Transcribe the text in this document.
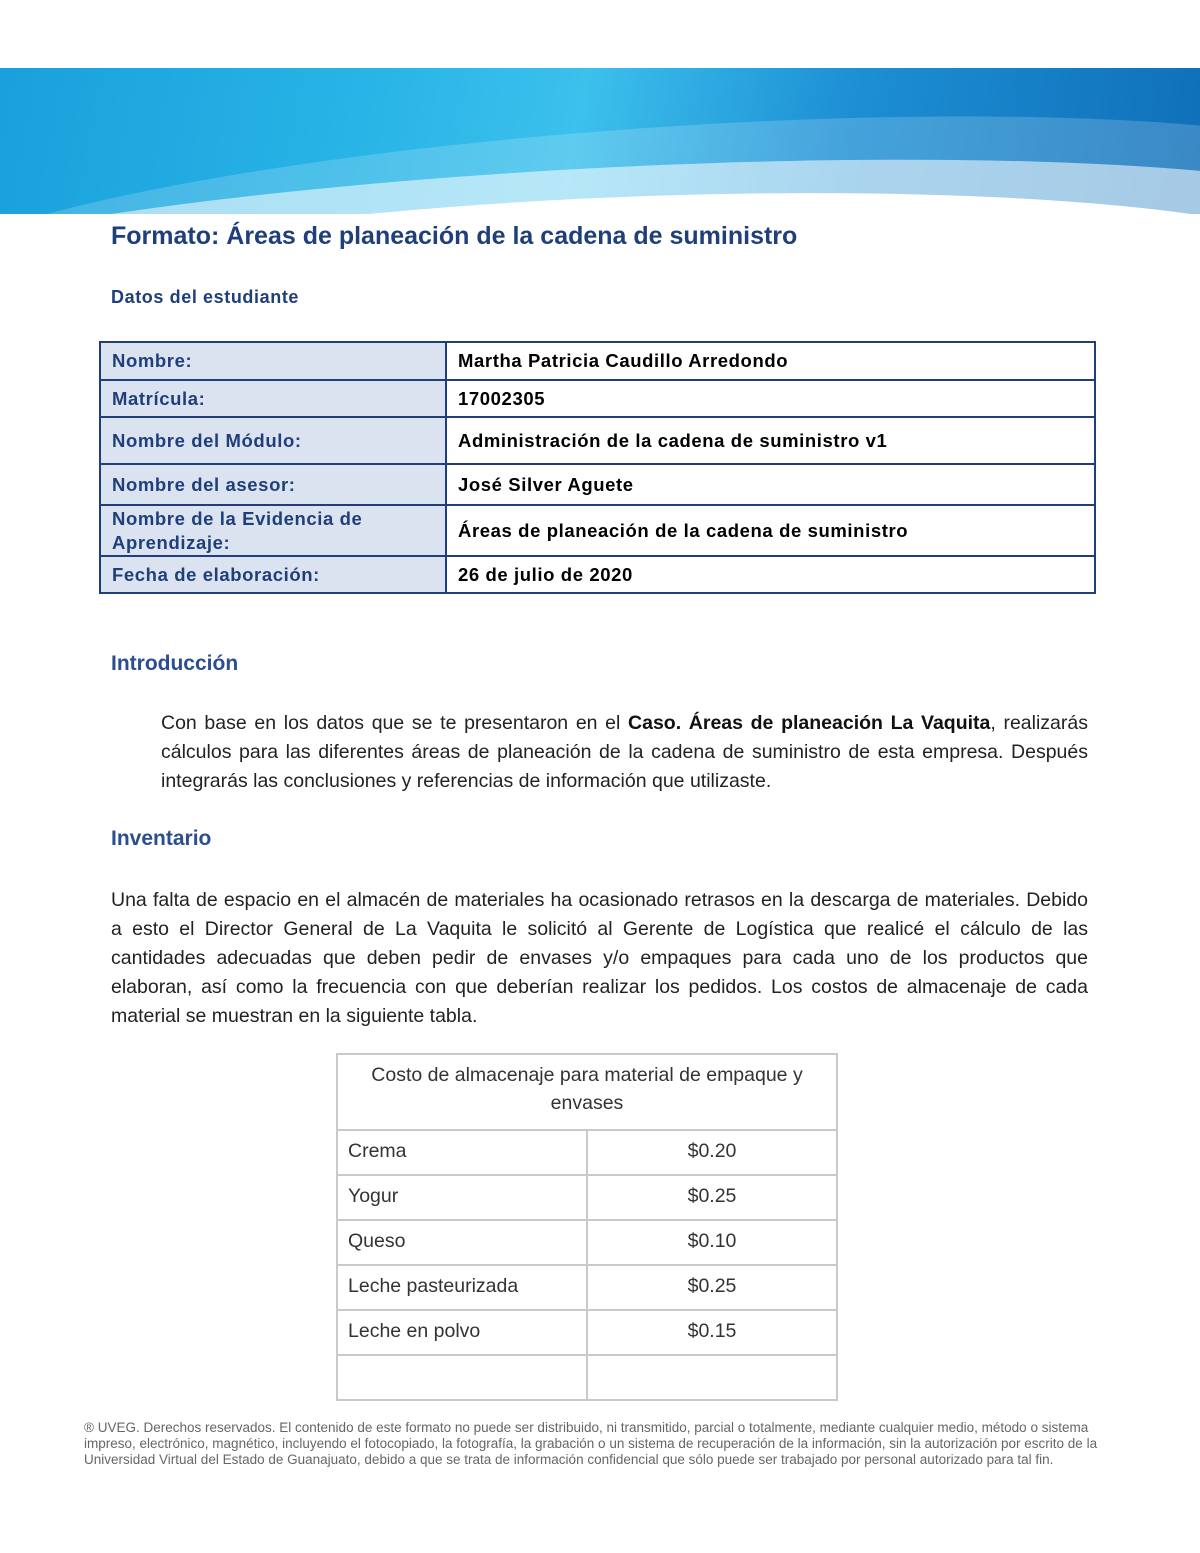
Formato: Áreas de planeación de la cadena de suministro
Datos del estudiante
Nombre:	Martha Patricia Caudillo Arredondo
Matrícula:	17002305
Nombre del Módulo:	Administración de la cadena de suministro v1
Nombre del asesor:	José Silver Aguete
Nombre de la Evidencia de Aprendizaje:	Áreas de planeación de la cadena de suministro
Fecha de elaboración:	26 de julio de 2020
Introducción

Con base en los datos que se te presentaron en el Caso. Áreas de planeación La Vaquita, realizarás cálculos para las diferentes áreas de planeación de la cadena de suministro de esta empresa. Después integrarás las conclusiones y referencias de información que utilizaste.

Inventario

Una falta de espacio en el almacén de materiales ha ocasionado retrasos en la descarga de materiales. Debido a esto el Director General de La Vaquita le solicitó al Gerente de Logística que realicé el cálculo de las cantidades adecuadas que deben pedir de envases y/o empaques para cada uno de los productos que elaboran, así como la frecuencia con que deberían realizar los pedidos. Los costos de almacenaje de cada material se muestran en la siguiente tabla.

Costo de almacenaje para material de empaque y envases	
Crema	$0.20
Yogur	$0.25
Queso	$0.10
Leche pasteurizada	$0.25
Leche en polvo	$0.15

® UVEG. Derechos reservados. El contenido de este formato no puede ser distribuido, ni transmitido, parcial o totalmente, mediante cualquier medio, método o sistema impreso, electrónico, magnético, incluyendo el fotocopiado, la fotografía, la grabación o un sistema de recuperación de la información, sin la autorización por escrito de la Universidad Virtual del Estado de Guanajuato, debido a que se trata de información confidencial que sólo puede ser trabajado por personal autorizado para tal fin.
